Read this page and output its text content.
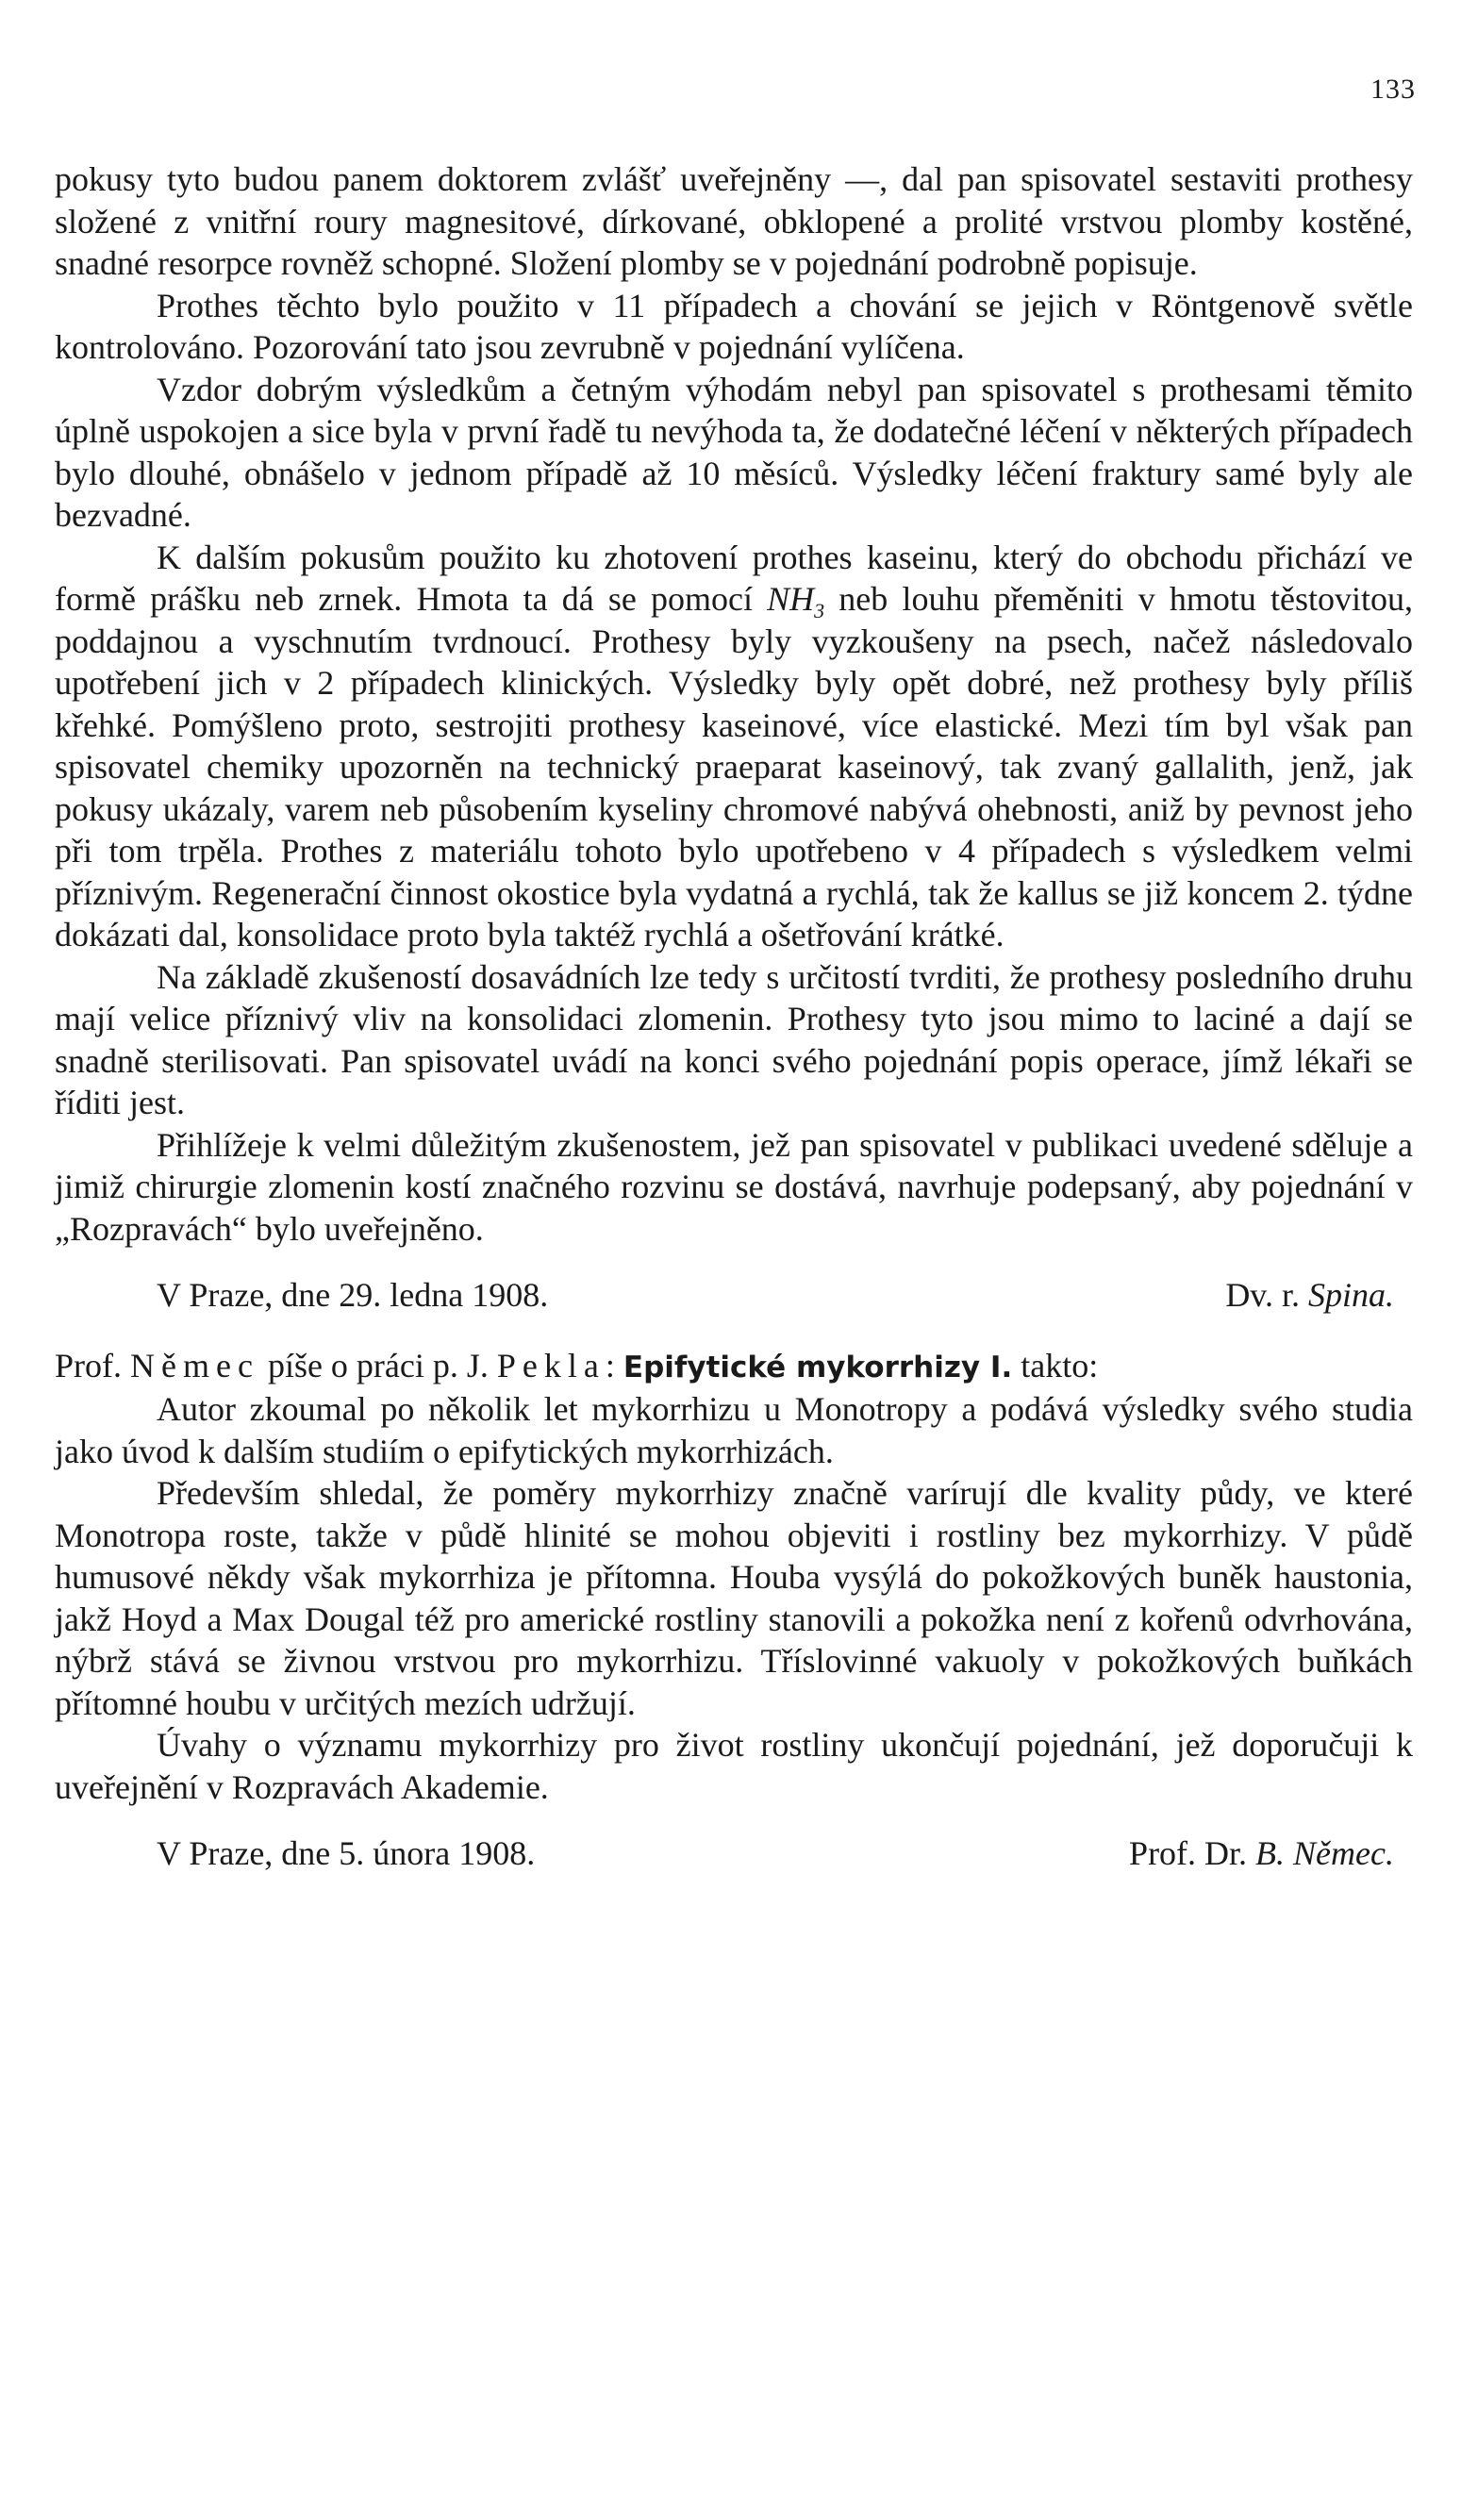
133

pokusy tyto budou panem doktorem zvlášť uveřejněny —, dal pan spisovatel sestaviti prothesy složené z vnitřní roury magnesitové, dírkované, obklopené a prolité vrstvou plomby kostěné, snadné resorpce rovněž schopné. Složení plomby se v pojednání podrobně popisuje.

Prothes těchto bylo použito v 11 případech a chování se jejich v Röntgenově světle kontrolováno. Pozorování tato jsou zevrubně v pojednání vylíčena.

Vzdor dobrým výsledkům a četným výhodám nebyl pan spisovatel s prothesami těmito úplně uspokojen a sice byla v první řadě tu nevýhoda ta, že dodatečné léčení v některých případech bylo dlouhé, obnášelo v jednom případě až 10 měsíců. Výsledky léčení fraktury samé byly ale bezvadné.

K dalším pokusům použito ku zhotovení prothes kaseinu, který do obchodu přichází ve formě prášku neb zrnek. Hmota ta dá se pomocí $NH_3$ neb louhu přeměniti v hmotu těstovitou, poddajnou a vyschnutím tvrdnoucí. Prothesy byly vyzkoušeny na psech, načež následovalo upotřebení jich v 2 případech klinických. Výsledky byly opět dobré, než prothesy byly příliš křehké. Pomýšleno proto, sestrojiti prothesy kaseinové, více elastické. Mezi tím byl však pan spisovatel chemiky upozorněn na technický praeparat kaseinový, tak zvaný gallalith, jenž, jak pokusy ukázaly, varem neb působením kyseliny chromové nabývá ohebnosti, aniž by pevnost jeho při tom trpěla. Prothes z materiálu tohoto bylo upotřebeno v 4 případech s výsledkem velmi příznivým. Regenerační činnost okostice byla vydatná a rychlá, tak že kallus se již koncem 2. týdne dokázati dal, konsolidace proto byla taktéž rychlá a ošetřování krátké.

Na základě zkušeností dosavádních lze tedy s určitostí tvrditi, že prothesy posledního druhu mají velice příznivý vliv na konsolidaci zlomenin. Prothesy tyto jsou mimo to laciné a dají se snadně sterilisovati. Pan spisovatel uvádí na konci svého pojednání popis operace, jímž lékaři se říditi jest.

Přihlížeje k velmi důležitým zkušenostem, jež pan spisovatel v publikaci uvedené sděluje a jimiž chirurgie zlomenin kostí značného rozvinu se dostává, navrhuje podepsaný, aby pojednání v „Rozpravách“ bylo uveřejněno.

V Praze, dne 29. ledna 1908.	Dv. r. Spina.

Prof. Němec píše o práci p. J. Pekla: Epifytické mykorrhizy I. takto:

Autor zkoumal po několik let mykorrhizu u Monotropy a podává výsledky svého studia jako úvod k dalším studiím o epifytických mykorrhizách.

Především shledal, že poměry mykorrhizy značně varírují dle kvality půdy, ve které Monotropa roste, takže v půdě hlinité se mohou objeviti i rostliny bez mykorrhizy. V půdě humusové někdy však mykorrhiza je přítomna. Houba vysýlá do pokožkových buněk haustonia, jakž Hoyd a Max Dougal též pro americké rostliny stanovili a pokožka není z kořenů odvrhována, nýbrž stává se živnou vrstvou pro mykorrhizu. Tříslovinné vakuoly v pokožkových buňkách přítomné houbu v určitých mezích udržují.

Úvahy o významu mykorrhizy pro život rostliny ukončují pojednání, jež doporučuji k uveřejnění v Rozpravách Akademie.

V Praze, dne 5. února 1908.	Prof. Dr. B. Němec.
